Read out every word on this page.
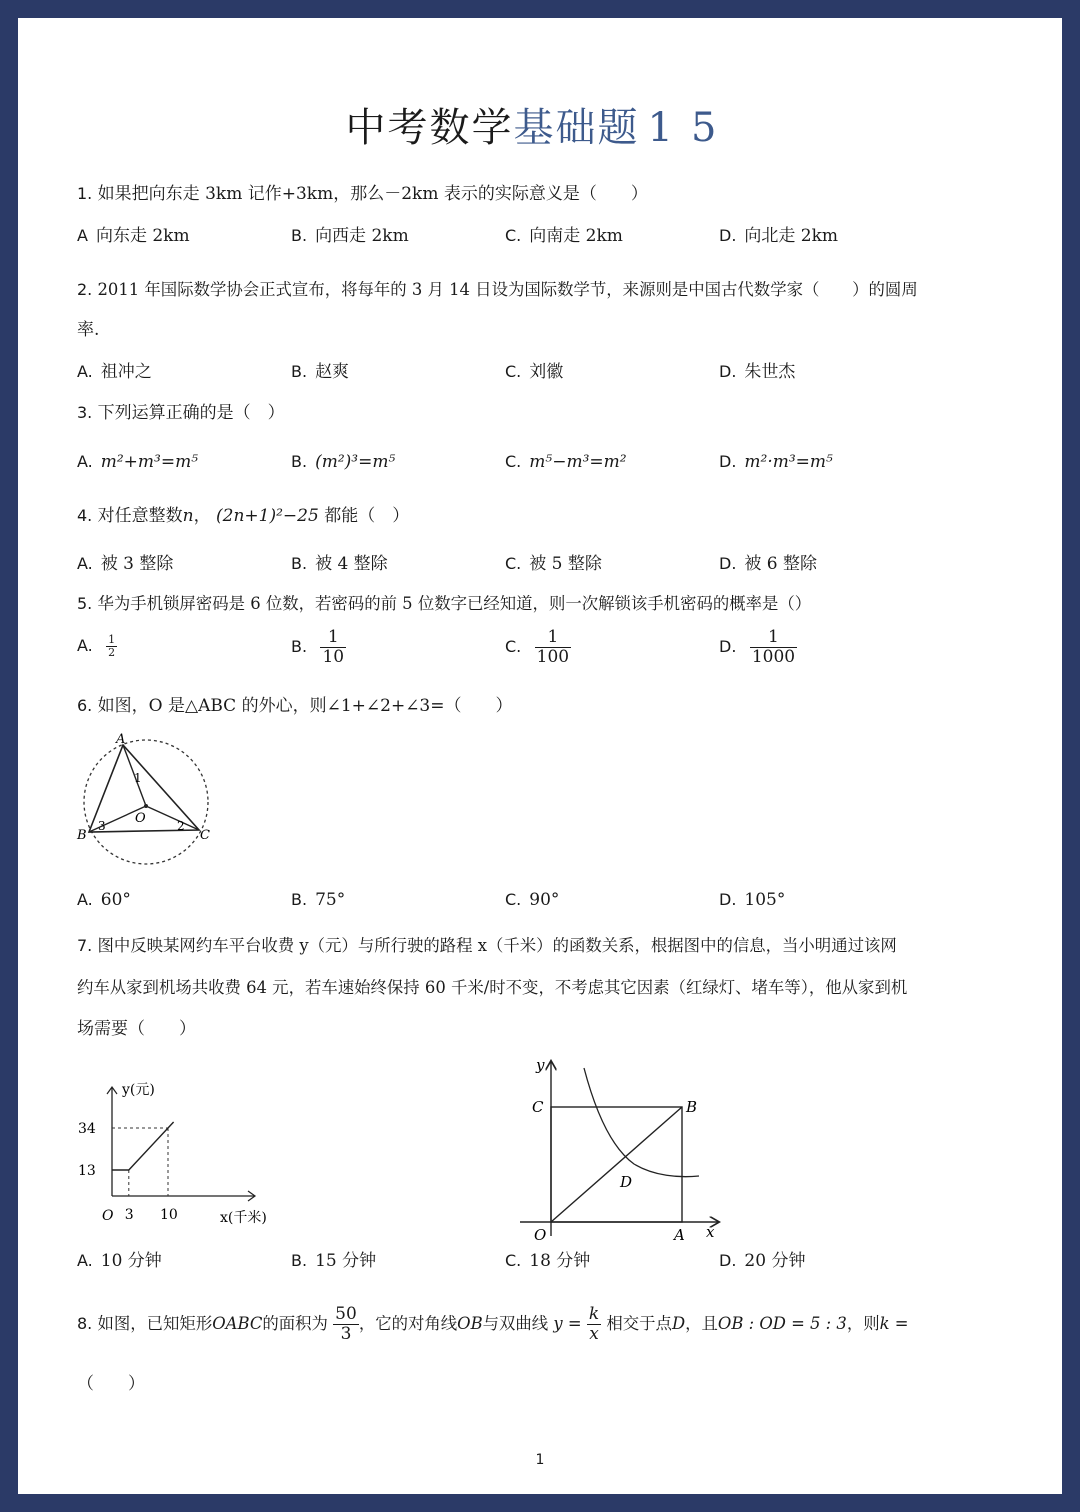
中考数学基础题 15
1. 如果把向东走 3km 记作+3km，那么－2km 表示的实际意义是（　　）
A 向东走 2km	B. 向西走 2km	C. 向南走 2km	D. 向北走 2km
2. 2011 年国际数学协会正式宣布，将每年的 3 月 14 日设为国际数学节，来源则是中国古代数学家（　　）的圆周
率.
A. 祖冲之	B. 赵爽	C. 刘徽	D. 朱世杰
3. 下列运算正确的是（　）
A. m²+m³=m⁵	B. (m²)³=m⁵	C. m⁵−m³=m²	D. m²·m³=m⁵
4. 对任意整数n， (2n+1)²−25 都能（　）
A. 被 3 整除	B. 被 4 整除	C. 被 5 整除	D. 被 6 整除
5. 华为手机锁屏密码是 6 位数，若密码的前 5 位数字已经知道，则一次解锁该手机密码的概率是（）
A. $\frac{1}{2}$	B. $\frac{1}{10}$	C. $\frac{1}{100}$	D. $\frac{1}{1000}$
6. 如图，O 是△ABC 的外心，则∠1+∠2+∠3=（　　）
A
B	C
O
1
2
3
A. 60°	B. 75°	C. 90°	D. 105°
7. 图中反映某网约车平台收费 y（元）与所行驶的路程 x（千米）的函数关系，根据图中的信息，当小明通过该网
约车从家到机场共收费 64 元，若车速始终保持 60 千米/时不变，不考虑其它因素（红绿灯、堵车等），他从家到机
场需要（　　）
y(元)
x(千米)
O 3 10
13
34
y
C	B
D
O	A x
A. 10 分钟	B. 15 分钟	C. 18 分钟	D. 20 分钟
8. 如图，已知矩形OABC的面积为 $\frac{50}{3}$ ，它的对角线OB与双曲线 $y = \frac{k}{x}$ 相交于点D，且OB : OD = 5 : 3，则k =
（　　）
1
